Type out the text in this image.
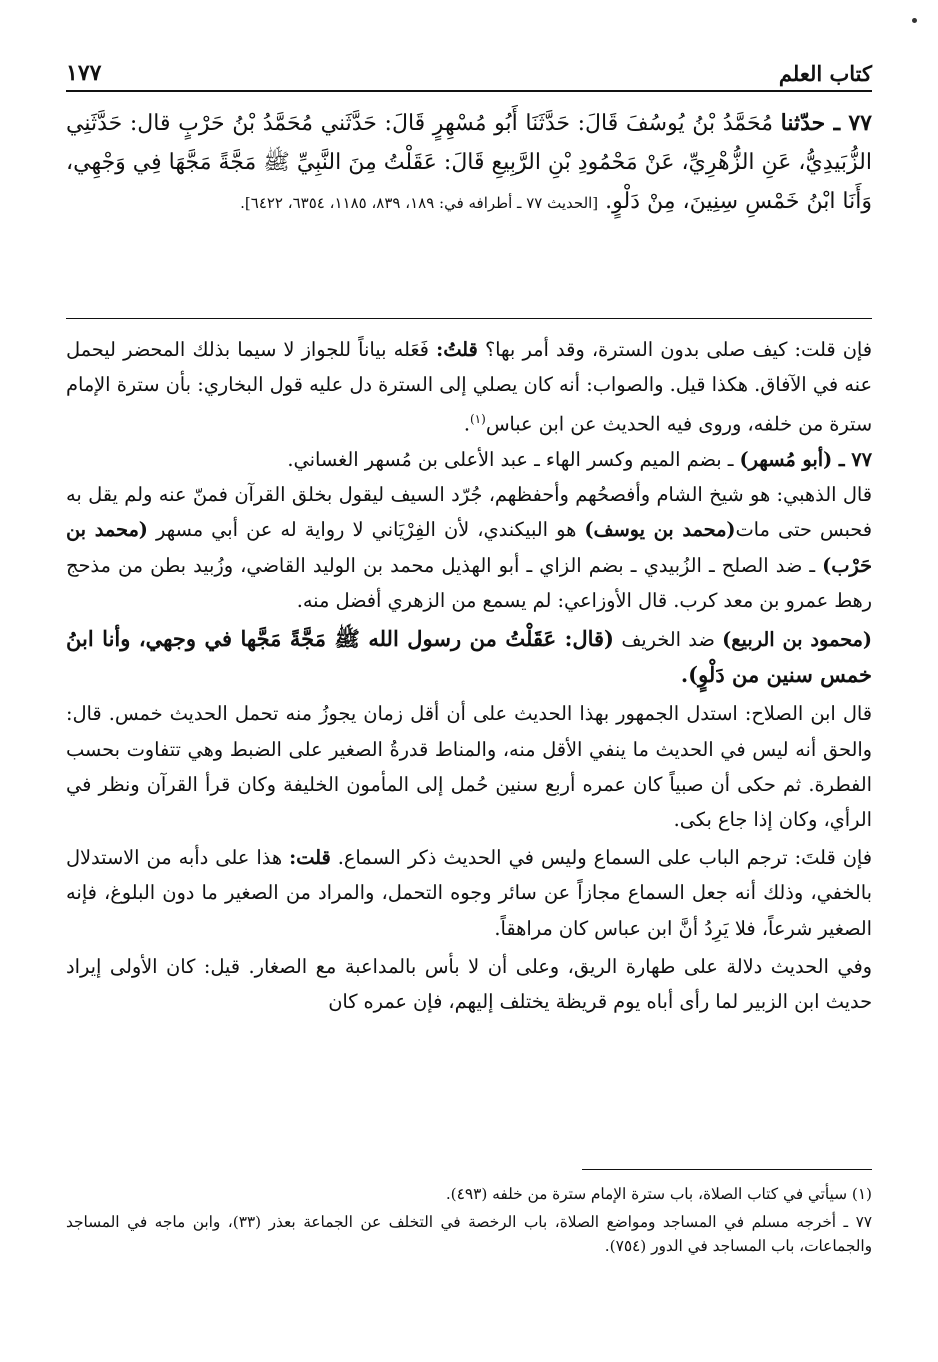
كتاب العلم
١٧٧
٧٧ ـ حدّثنا مُحَمَّدُ بْنُ يُوسُفَ قَالَ: حَدَّثَنَا أَبُو مُسْهِرٍ قَالَ: حَدَّثَني مُحَمَّدُ بْنُ حَرْبٍ قال: حَدَّثَنِي الزُّبَيدِيُّ، عَنِ الزُّهْرِيِّ، عَنْ مَحْمُودِ بْنِ الرَّبِيعِ قَالَ: عَقَلْتُ مِنَ النَّبِيِّ ﷺ مَجَّةً مَجَّهَا فِي وَجْهِي، وَأَنَا ابْنُ خَمْسِ سِنِينَ، مِنْ دَلْوٍ. [الحديث ٧٧ ـ أطرافه في: ١٨٩، ٨٣٩، ١١٨٥، ٦٣٥٤، ٦٤٢٢].

فإن قلت: كيف صلى بدون السترة، وقد أمر بها؟ قلتُ: فَعَله بياناً للجواز لا سيما بذلك المحضر ليحمل عنه في الآفاق. هكذا قيل. والصواب: أنه كان يصلي إلى السترة دل عليه قول البخاري: بأن سترة الإمام سترة من خلفه، وروى فيه الحديث عن ابن عباس$^{(١)}$.

٧٧ ـ (أبو مُسهر) ـ بضم الميم وكسر الهاء ـ عبد الأعلى بن مُسهر الغساني.

قال الذهبي: هو شيخ الشام وأفصحُهم وأحفظهم، جُرّد السيف ليقول بخلق القرآن فمنّ عنه ولم يقل به فحبس حتى مات(محمد بن يوسف) هو البيكندي، لأن الفِرْيَاني لا رواية له عن أبي مسهر (محمد بن حَرْب) ـ ضد الصلح ـ الزُبيدي ـ بضم الزاي ـ أبو الهذيل محمد بن الوليد القاضي، وزُبيد بطن من مذحج رهط عمرو بن معد كرب. قال الأوزاعي: لم يسمع من الزهري أفضل منه.

(محمود بن الربيع) ضد الخريف (قال: عَقَلْتُ من رسول الله ﷺ مَجَّةً مَجَّها في وجهي، وأنا ابنُ خمس سنين من دَلْوٍ).

قال ابن الصلاح: استدل الجمهور بهذا الحديث على أن أقل زمان يجوزُ منه تحمل الحديث خمس. قال: والحق أنه ليس في الحديث ما ينفي الأقل منه، والمناط قدرةُ الصغير على الضبط وهي تتفاوت بحسب الفطرة. ثم حكى أن صبياً كان عمره أربع سنين حُمل إلى المأمون الخليفة وكان قرأ القرآن ونظر في الرأي، وكان إذا جاع بكى.

فإن قلتَ: ترجم الباب على السماع وليس في الحديث ذكر السماع. قلت: هذا على دأبه من الاستدلال بالخفي، وذلك أنه جعل السماع مجازاً عن سائر وجوه التحمل، والمراد من الصغير ما دون البلوغ، فإنه الصغير شرعاً، فلا يَرِدُ أنَّ ابن عباس كان مراهقاً.

وفي الحديث دلالة على طهارة الريق، وعلى أن لا بأس بالمداعبة مع الصغار. قيل: كان الأولى إيراد حديث ابن الزبير لما رأى أباه يوم قريظة يختلف إليهم، فإن عمره كان

(١) سيأتي في كتاب الصلاة، باب سترة الإمام سترة من خلفه (٤٩٣).

٧٧ ـ أخرجه مسلم في المساجد ومواضع الصلاة، باب الرخصة في التخلف عن الجماعة بعذر (٣٣)، وابن ماجه في المساجد والجماعات، باب المساجد في الدور (٧٥٤).
